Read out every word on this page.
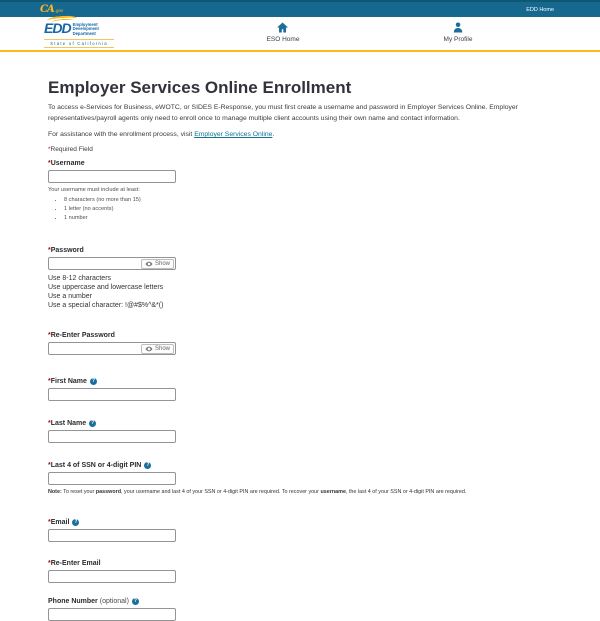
CA .gov	EDD Home
EDD Employment
Development
Department
State of California
ESO Home	My Profile
Employer Services Online Enrollment

To access e-Services for Business, eWOTC, or SIDES E-Response, you must first create a username and password in Employer Services Online. Employer representatives/payroll agents only need to enroll once to manage multiple client accounts using their own name and contact information.

For assistance with the enrollment process, visit Employer Services Online.

*Required Field
*Username
Your username must include at least:
• 8 characters (no more than 15)
• 1 letter (no accents)
• 1 number
*Password
Show
Use 8-12 characters
Use uppercase and lowercase letters
Use a number
Use a special character: !@#$%^&*()
*Re-Enter Password
Show
*First Name ?
*Last Name ?
*Last 4 of SSN or 4-digit PIN ?
Note: To reset your password, your username and last 4 of your SSN or 4-digit PIN are required. To recover your username, the last 4 of your SSN or 4-digit PIN are required.
*Email ?
*Re-Enter Email
Phone Number (optional) ?
